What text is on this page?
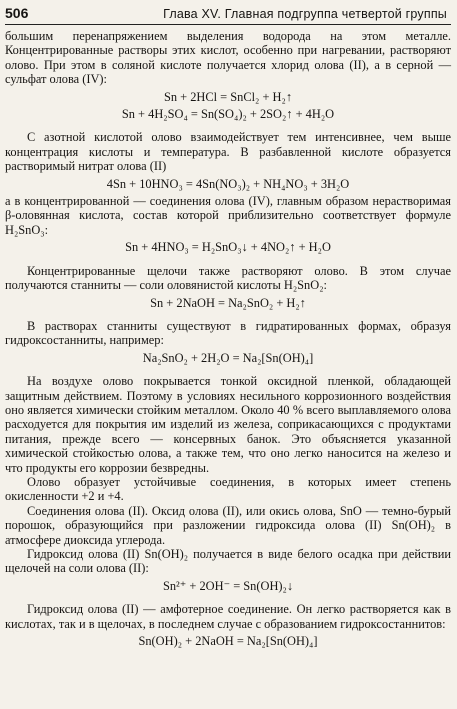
506	Глава XV. Главная подгруппа четвертой группы

большим перенапряжением выделения водорода на этом металле. Концентрированные растворы этих кислот, особенно при нагревании, растворяют олово. При этом в соляной кислоте получается хлорид олова (II), а в серной — сульфат олова (IV):

Sn + 2HCl = SnCl₂ + H₂↑
Sn + 4H₂SO₄ = Sn(SO₄)₂ + 2SO₂↑ + 4H₂O

С азотной кислотой олово взаимодействует тем интенсивнее, чем выше концентрация кислоты и температура. В разбавленной кислоте образуется растворимый нитрат олова (II)

4Sn + 10HNO₃ = 4Sn(NO₃)₂ + NH₄NO₃ + 3H₂O

а в концентрированной — соединения олова (IV), главным образом нерастворимая β-оловянная кислота, состав которой приблизительно соответствует формуле H₂SnO₃:

Sn + 4HNO₃ = H₂SnO₃↓ + 4NO₂↑ + H₂O

Концентрированные щелочи также растворяют олово. В этом случае получаются станниты — соли оловянистой кислоты H₂SnO₂:

Sn + 2NaOH = Na₂SnO₂ + H₂↑

В растворах станниты существуют в гидратированных формах, образуя гидроксостанниты, например:

Na₂SnO₂ + 2H₂O = Na₂[Sn(OH)₄]

На воздухе олово покрывается тонкой оксидной пленкой, обладающей защитным действием. Поэтому в условиях несильного коррозионного воздействия оно является химически стойким металлом. Около 40 % всего выплавляемого олова расходуется для покрытия им изделий из железа, соприкасающихся с продуктами питания, прежде всего — консервных банок. Это объясняется указанной химической стойкостью олова, а также тем, что оно легко наносится на железо и что продукты его коррозии безвредны.

Олово образует устойчивые соединения, в которых имеет степень окисленности +2 и +4.

Соединения олова (II). Оксид олова (II), или окись олова, SnO — темно-бурый порошок, образующийся при разложении гидроксида олова (II) Sn(OH)₂ в атмосфере диоксида углерода.

Гидроксид олова (II) Sn(OH)₂ получается в виде белого осадка при действии щелочей на соли олова (II):

Sn²⁺ + 2OH⁻ = Sn(OH)₂↓

Гидроксид олова (II) — амфотерное соединение. Он легко растворяется как в кислотах, так и в щелочах, в последнем случае с образованием гидроксостаннитов:

Sn(OH)₂ + 2NaOH = Na₂[Sn(OH)₄]
